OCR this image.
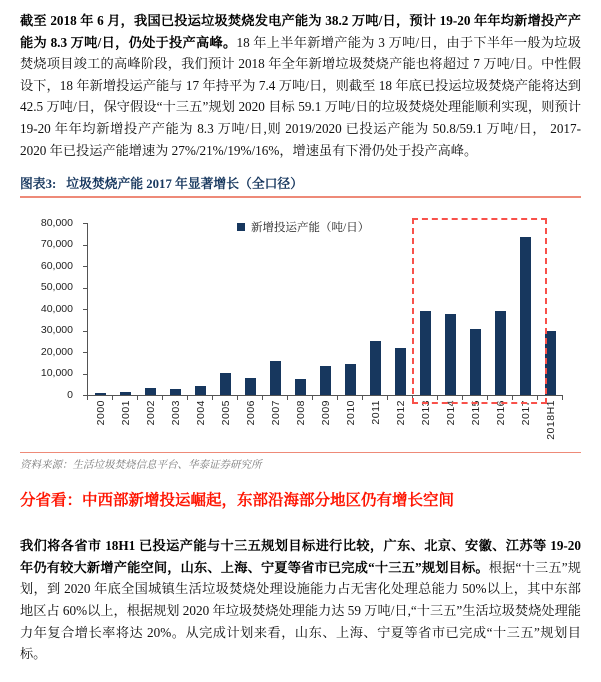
截至 2018 年 6 月，我国已投运垃圾焚烧发电产能为 38.2 万吨/日，预计 19-20 年年均新增投产产能为 8.3 万吨/日，仍处于投产高峰。18 年上半年新增产能为 3 万吨/日，由于下半年一般为垃圾焚烧项目竣工的高峰阶段，我们预计 2018 年全年新增垃圾焚烧产能也将超过 7 万吨/日。中性假设下，18 年新增投运产能与 17 年持平为 7.4 万吨/日，则截至 18 年底已投运垃圾焚烧产能将达到 42.5 万吨/日，保守假设“十三五”规划 2020 目标 59.1 万吨/日的垃圾焚烧处理能顺利实现，则预计 19-20 年年均新增投产产能为 8.3 万吨/日,则 2019/2020 已投运产能为 50.8/59.1 万吨/日， 2017-2020 年已投运产能增速为 27%/21%/19%/16%，增速虽有下滑仍处于投产高峰。

图表3: 垃圾焚烧产能 2017 年显著增长（全口径）
新增投运产能（吨/日）
80,000
70,000
60,000
50,000
40,000
30,000
20,000
10,000
0
2000 2001 2002 2003 2004 2005 2006 2007 2008 2009 2010 2011 2012 2013 2014 2015 2016 2017 2018H1
资料来源：生活垃圾焚烧信息平台、华泰证券研究所
分省看：中西部新增投运崛起，东部沿海部分地区仍有增长空间

我们将各省市 18H1 已投运产能与十三五规划目标进行比较，广东、北京、安徽、江苏等 19-20 年仍有较大新增产能空间，山东、上海、宁夏等省市已完成“十三五”规划目标。根据“十三五”规划，到 2020 年底全国城镇生活垃圾焚烧处理设施能力占无害化处理总能力 50%以上，其中东部地区占 60%以上，根据规划 2020 年垃圾焚烧处理能力达 59 万吨/日,“十三五”生活垃圾焚烧处理能力年复合增长率将达 20%。从完成计划来看，山东、上海、宁夏等省市已完成“十三五”规划目标。
